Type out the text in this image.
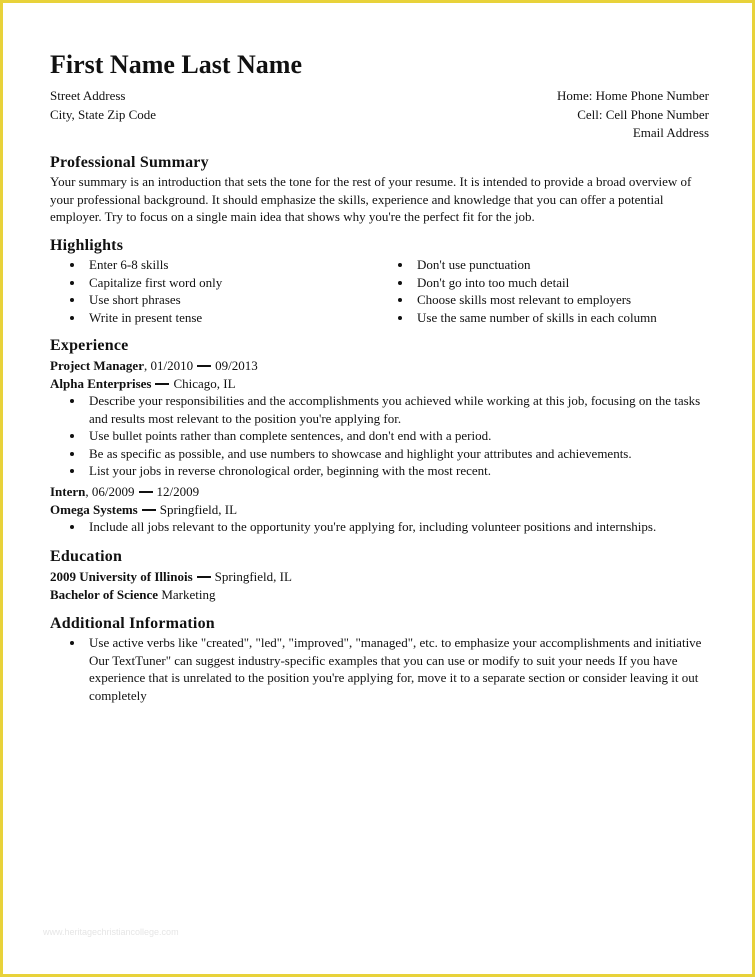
First Name Last Name
Street Address
City, State Zip Code
Home: Home Phone Number
Cell: Cell Phone Number
Email Address
Professional Summary
Your summary is an introduction that sets the tone for the rest of your resume. It is intended to provide a broad overview of your professional background. It should emphasize the skills, experience and knowledge that you can offer a potential employer. Try to focus on a single main idea that shows why you're the perfect fit for the job.
Highlights
Enter 6-8 skills
Capitalize first word only
Use short phrases
Write in present tense
Don't use punctuation
Don't go into too much detail
Choose skills most relevant to employers
Use the same number of skills in each column
Experience
Project Manager, 01/2010 09/2013
Alpha Enterprises Chicago, IL
Describe your responsibilities and the accomplishments you achieved while working at this job, focusing on the tasks and results most relevant to the position you're applying for.
Use bullet points rather than complete sentences, and don't end with a period.
Be as specific as possible, and use numbers to showcase and highlight your attributes and achievements.
List your jobs in reverse chronological order, beginning with the most recent.
Intern, 06/2009 12/2009
Omega Systems Springfield, IL
Include all jobs relevant to the opportunity you're applying for, including volunteer positions and internships.
Education
2009 University of Illinois Springfield, IL
Bachelor of Science Marketing
Additional Information
Use active verbs like "created", "led", "improved", "managed", etc. to emphasize your accomplishments and initiative Our TextTuner" can suggest industry-specific examples that you can use or modify to suit your needs If you have experience that is unrelated to the position you're applying for, move it to a separate section or consider leaving it out completely
www.heritagechristiancollege.com
